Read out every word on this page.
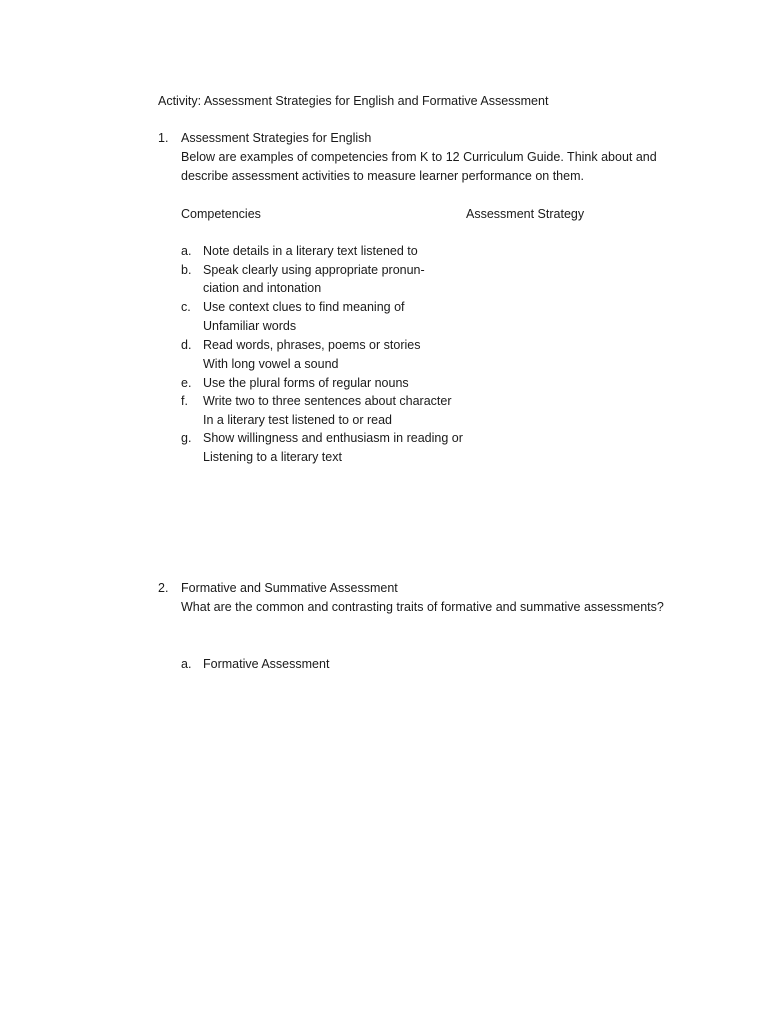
Activity: Assessment Strategies for English and Formative Assessment
1. Assessment Strategies for English
Below are examples of competencies from K to 12 Curriculum Guide. Think about and
describe assessment activities to measure learner performance on them.
Competencies	Assessment Strategy
a. Note details in a literary text listened to
b. Speak clearly using appropriate pronun-
ciation and intonation
c. Use context clues to find meaning of
Unfamiliar words
d. Read words, phrases, poems or stories
With long vowel a sound
e. Use the plural forms of regular nouns
f. Write two to three sentences about character
In a literary test listened to or read
g. Show willingness and enthusiasm in reading or
Listening to a literary text
2. Formative and Summative Assessment
What are the common and contrasting traits of formative and summative assessments?
a. Formative Assessment
